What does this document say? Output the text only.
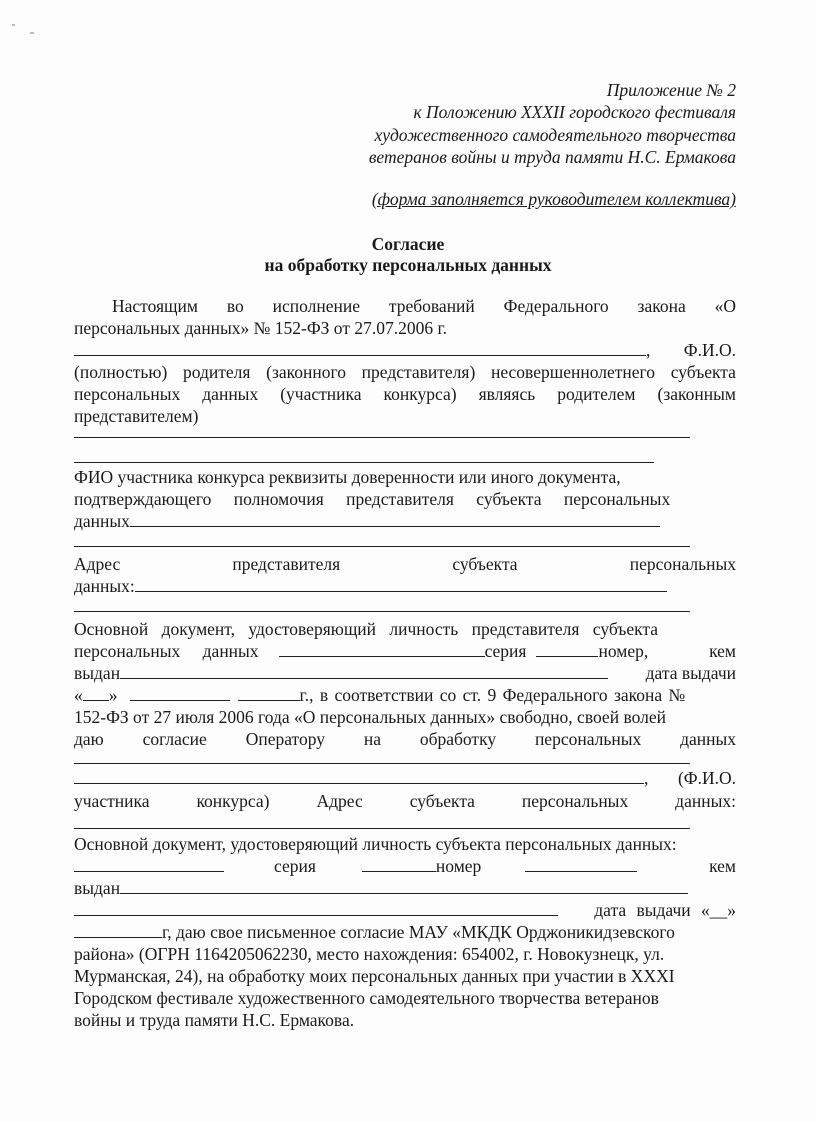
Приложение № 2
к Положению XXXII городского фестиваля
художественного самодеятельного творчества
ветеранов войны и труда памяти Н.С. Ермакова
(форма заполняется руководителем коллектива)
Согласие
на обработку персональных данных
Настоящим во исполнение требований Федерального закона «О
персональных данных» № 152-ФЗ от 27.07.2006 г.
, Ф.И.О.
(полностью) родителя (законного представителя) несовершеннолетнего субъекта
персональных данных (участника конкурса) являясь родителем (законным
представителем)
ФИО участника конкурса реквизиты доверенности или иного документа,
подтверждающего полномочия представителя субъекта персональных
данных
Адрес	представителя	субъекта	персональных
данных:
Основной документ, удостоверяющий личность представителя субъекта
персональных данных	серия	номер,	кем
выдан	дата выдачи
« »	г., в соответствии со ст. 9 Федерального закона №
152-ФЗ от 27 июля 2006 года «О персональных данных» свободно, своей волей
даю согласие Оператору на обработку персональных данных
, (Ф.И.О.
участника	конкурса)	Адрес	субъекта	персональных	данных:
Основной документ, удостоверяющий личность субъекта персональных данных:
серия	номер	кем
выдан
дата выдачи «__»
г, даю свое письменное согласие МАУ «МКДК Орджоникидзевского
района» (ОГРН 1164205062230, место нахождения: 654002, г. Новокузнецк, ул.
Мурманская, 24), на обработку моих персональных данных при участии в XXXI
Городском фестивале художественного самодеятельного творчества ветеранов
войны и труда памяти Н.С. Ермакова.
